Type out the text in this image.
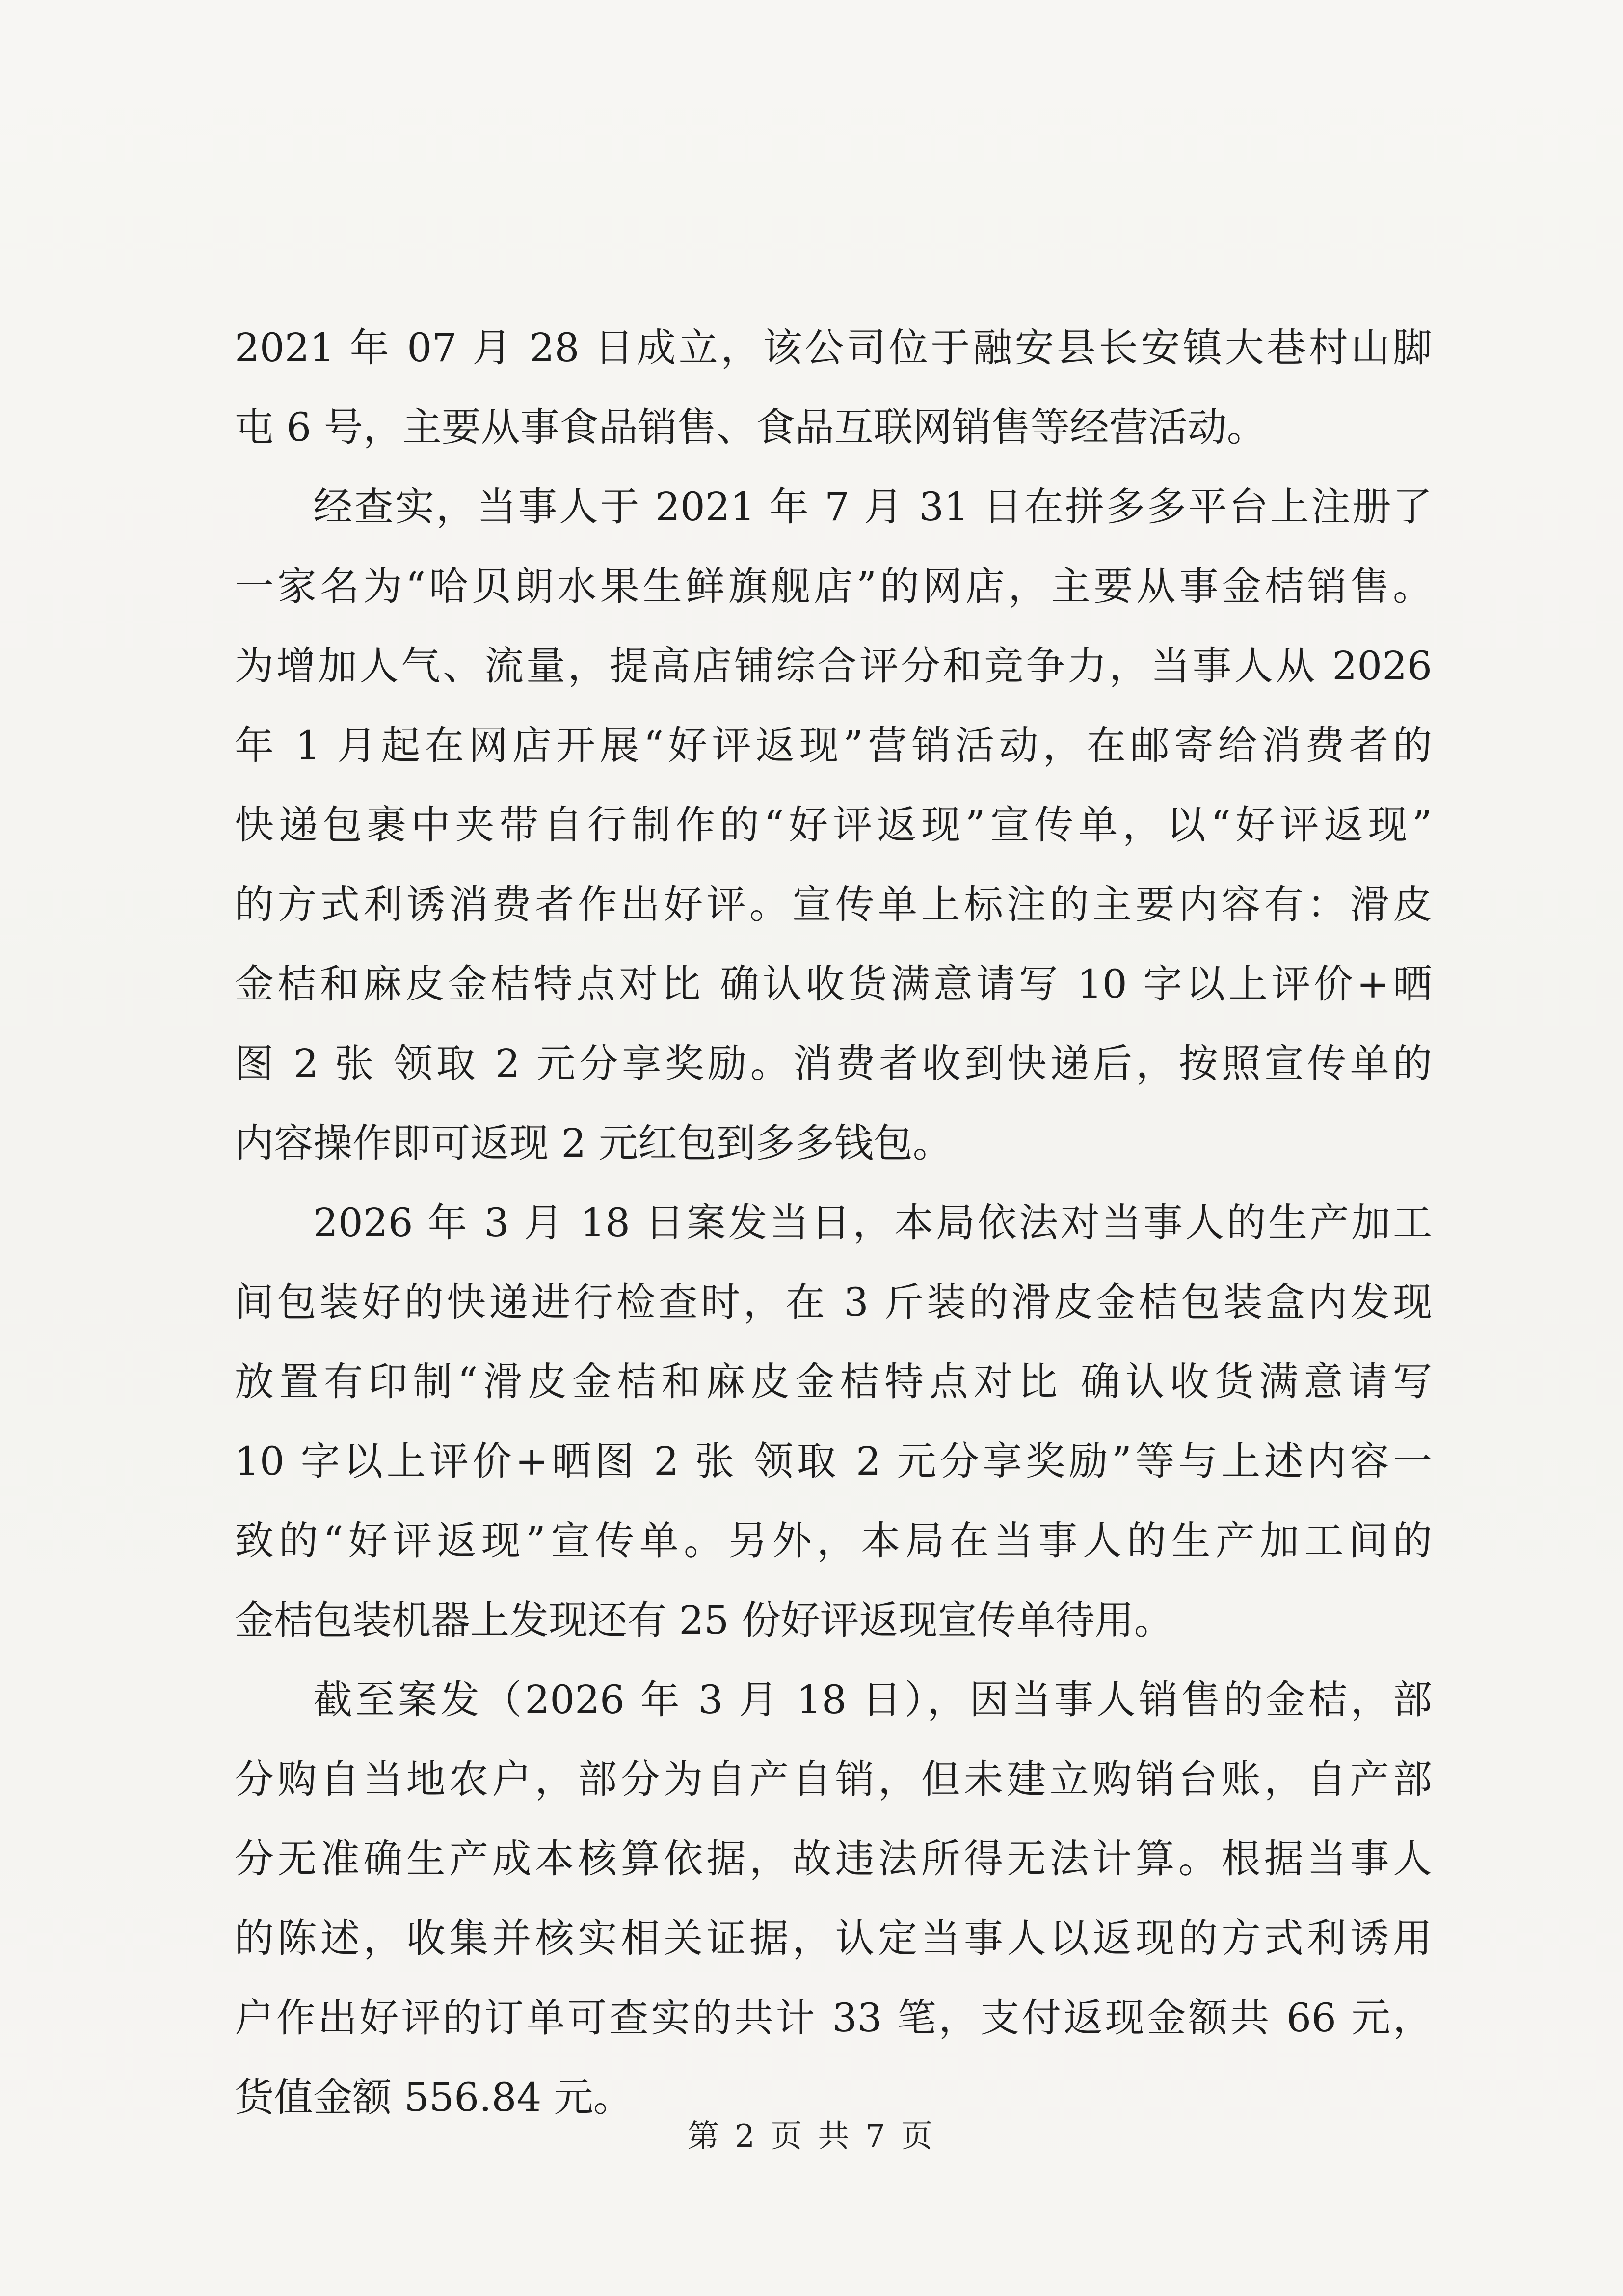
2021 年 07 月 28 日成立，该公司位于融安县长安镇大巷村山脚
屯 6 号，主要从事食品销售、食品互联网销售等经营活动。
经查实，当事人于 2021 年 7 月 31 日在拼多多平台上注册了
一家名为“哈贝朗水果生鲜旗舰店”的网店，主要从事金桔销售。
为增加人气、流量，提高店铺综合评分和竞争力，当事人从 2026
年 1 月起在网店开展“好评返现”营销活动，在邮寄给消费者的
快递包裹中夹带自行制作的“好评返现”宣传单，以“好评返现”
的方式利诱消费者作出好评。宣传单上标注的主要内容有：滑皮
金桔和麻皮金桔特点对比 确认收货满意请写 10 字以上评价+晒
图 2 张 领取 2 元分享奖励。消费者收到快递后，按照宣传单的
内容操作即可返现 2 元红包到多多钱包。
2026 年 3 月 18 日案发当日，本局依法对当事人的生产加工
间包装好的快递进行检查时，在 3 斤装的滑皮金桔包装盒内发现
放置有印制“滑皮金桔和麻皮金桔特点对比 确认收货满意请写
10 字以上评价+晒图 2 张 领取 2 元分享奖励”等与上述内容一
致的“好评返现”宣传单。另外，本局在当事人的生产加工间的
金桔包装机器上发现还有 25 份好评返现宣传单待用。
截至案发（2026 年 3 月 18 日），因当事人销售的金桔，部
分购自当地农户，部分为自产自销，但未建立购销台账，自产部
分无准确生产成本核算依据，故违法所得无法计算。根据当事人
的陈述，收集并核实相关证据，认定当事人以返现的方式利诱用
户作出好评的订单可查实的共计 33 笔，支付返现金额共 66 元，
货值金额 556.84 元。
第 2 页 共 7 页
